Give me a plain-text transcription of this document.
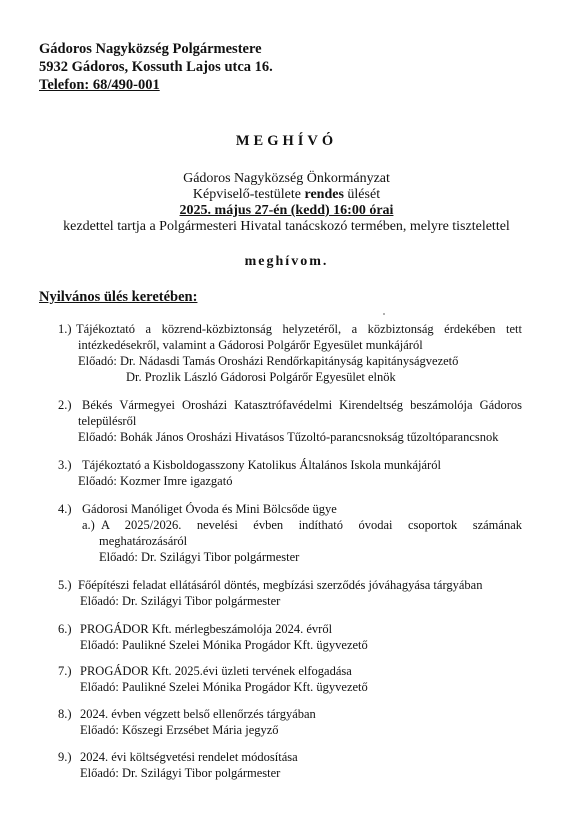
Gádoros Nagyközség Polgármestere
5932 Gádoros, Kossuth Lajos utca 16.
Telefon: 68/490-001
MEGHÍVÓ
Gádoros Nagyközség Önkormányzat
Képviselő-testülete rendes ülését
2025. május 27-én (kedd) 16:00 órai
kezdettel tartja a Polgármesteri Hivatal tanácskozó termében, melyre tisztelettel
meghívom.
Nyilvános ülés keretében:
1.) Tájékoztató a közrend-közbiztonság helyzetéről, a közbiztonság érdekében tett
intézkedésekről, valamint a Gádorosi Polgárőr Egyesület munkájáról
Előadó: Dr. Nádasdi Tamás Orosházi Rendőrkapitányság kapitányságvezető
Dr. Prozlik László Gádorosi Polgárőr Egyesület elnök
2.) Békés Vármegyei Orosházi Katasztrófavédelmi Kirendeltség beszámolója Gádoros
településről
Előadó: Bohák János Orosházi Hivatásos Tűzoltó-parancsnokság tűzoltóparancsnok
3.) Tájékoztató a Kisboldogasszony Katolikus Általános Iskola munkájáról
Előadó: Kozmer Imre igazgató
4.) Gádorosi Manóliget Óvoda és Mini Bölcsőde ügye
a.) A 2025/2026. nevelési évben indítható óvodai csoportok számának
meghatározásáról
Előadó: Dr. Szilágyi Tibor polgármester
5.) Főépítészi feladat ellátásáról döntés, megbízási szerződés jóváhagyása tárgyában
Előadó: Dr. Szilágyi Tibor polgármester
6.) PROGÁDOR Kft. mérlegbeszámolója 2024. évről
Előadó: Paulikné Szelei Mónika Progádor Kft. ügyvezető
7.) PROGÁDOR Kft. 2025.évi üzleti tervének elfogadása
Előadó: Paulikné Szelei Mónika Progádor Kft. ügyvezető
8.) 2024. évben végzett belső ellenőrzés tárgyában
Előadó: Kőszegi Erzsébet Mária jegyző
9.) 2024. évi költségvetési rendelet módosítása
Előadó: Dr. Szilágyi Tibor polgármester
